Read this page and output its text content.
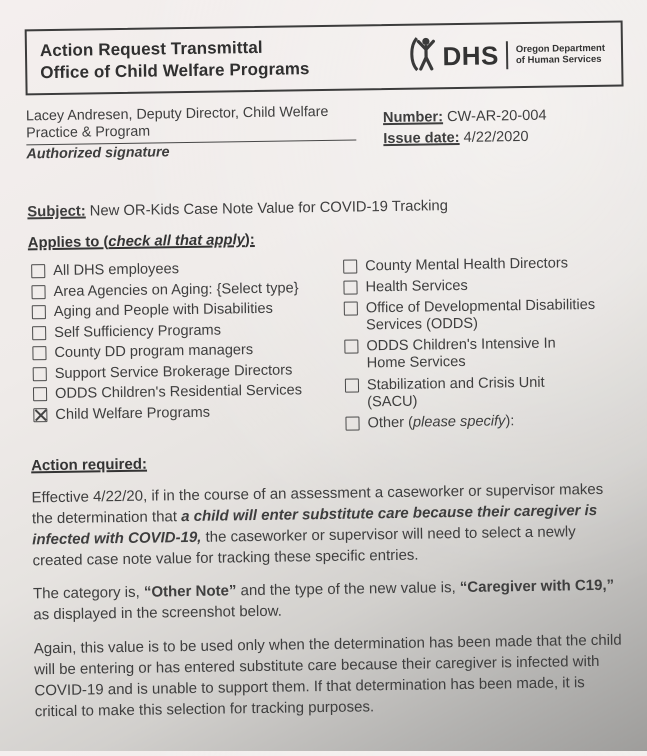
Action Request Transmittal
Office of Child Welfare Programs	DHS Oregon Department
of Human Services
Lacey Andresen, Deputy Director, Child Welfare
Practice & Program
Authorized signature
Number: CW-AR-20-004
Issue date: 4/22/2020
Subject: New OR-Kids Case Note Value for COVID-19 Tracking
Applies to (check all that apply):
All DHS employees
Area Agencies on Aging: {Select type}
Aging and People with Disabilities
Self Sufficiency Programs
County DD program managers
Support Service Brokerage Directors
ODDS Children's Residential Services
Child Welfare Programs
County Mental Health Directors
Health Services
Office of Developmental Disabilities Services (ODDS)
ODDS Children's Intensive In Home Services
Stabilization and Crisis Unit (SACU)
Other (please specify):
Action required:
Effective 4/22/20, if in the course of an assessment a caseworker or supervisor makes the determination that a child will enter substitute care because their caregiver is infected with COVID-19, the caseworker or supervisor will need to select a newly created case note value for tracking these specific entries.
The category is, “Other Note” and the type of the new value is, “Caregiver with C19,” as displayed in the screenshot below.
Again, this value is to be used only when the determination has been made that the child will be entering or has entered substitute care because their caregiver is infected with COVID-19 and is unable to support them. If that determination has been made, it is critical to make this selection for tracking purposes.
